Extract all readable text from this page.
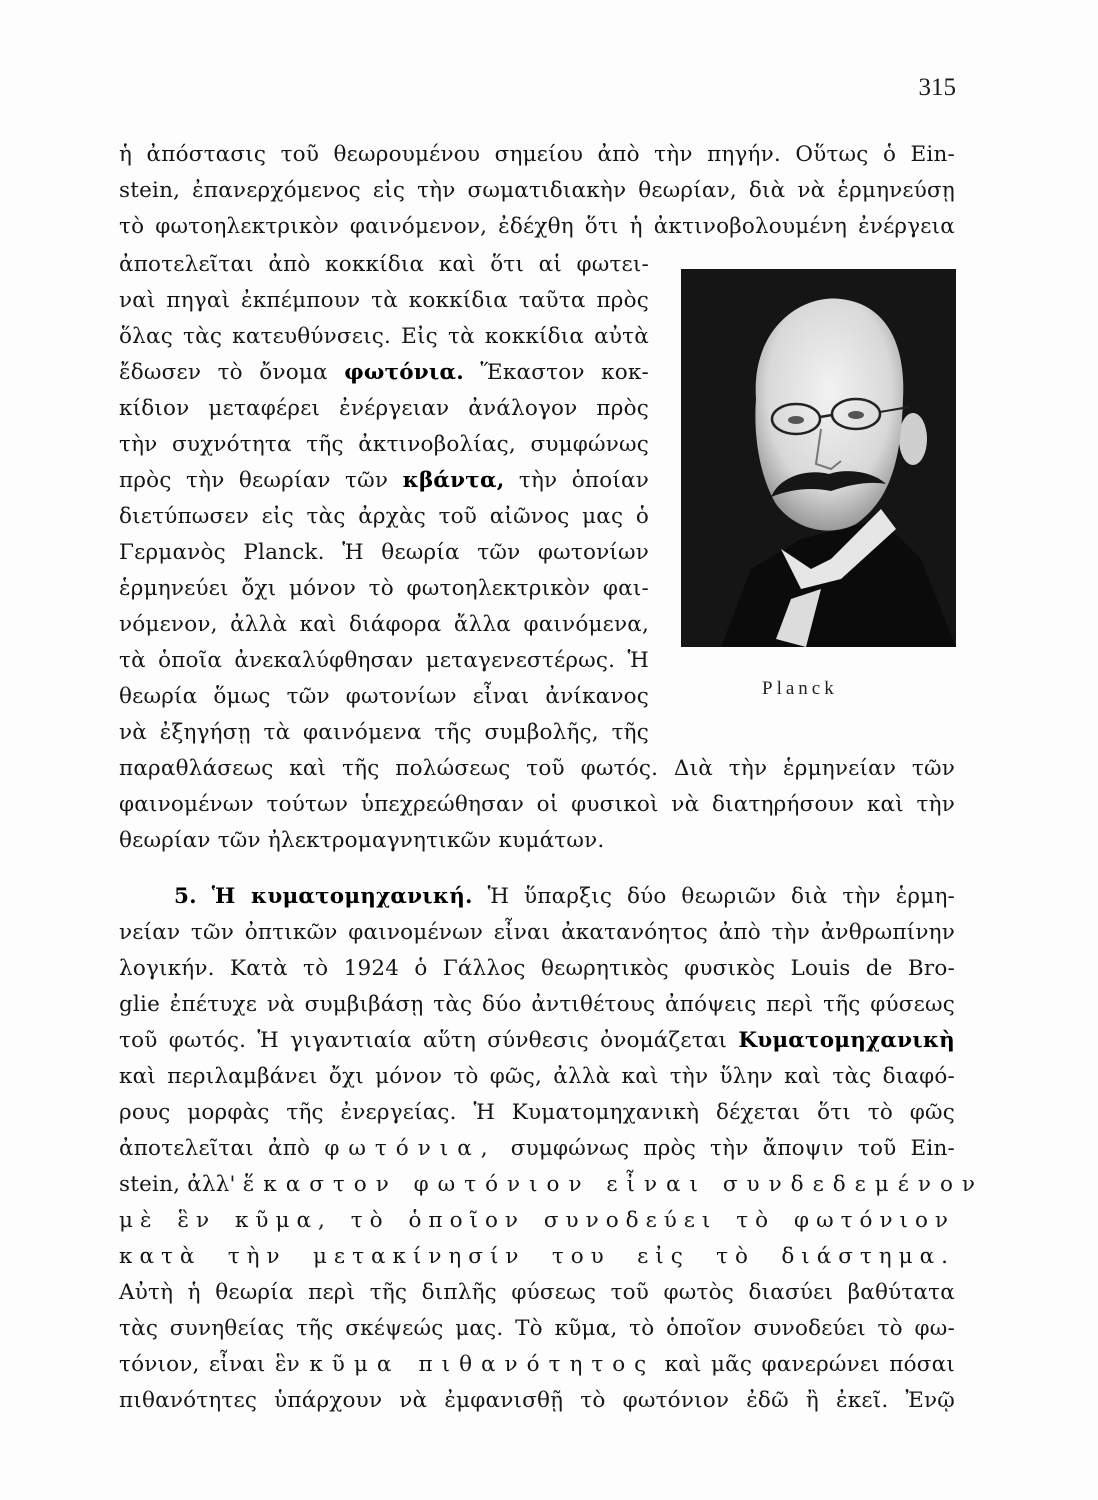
315
ἡ ἀπόστασις τοῦ θεωρουμένου σημείου ἀπὸ τὴν πηγήν. Οὕτως ὁ Ein-
stein, ἐπανερχόμενος εἰς τὴν σωματιδιακὴν θεωρίαν, διὰ νὰ ἑρμηνεύσῃ
τὸ φωτοηλεκτρικὸν φαινόμενον, ἐδέχθη ὅτι ἡ ἀκτινοβολουμένη ἐνέργεια
ἀποτελεῖται ἀπὸ κοκκίδια καὶ ὅτι αἱ φωτει-
ναὶ πηγαὶ ἐκπέμπουν τὰ κοκκίδια ταῦτα πρὸς
ὅλας τὰς κατευθύνσεις. Εἰς τὰ κοκκίδια αὐτὰ
ἔδωσεν τὸ ὄνομα φωτόνια. Ἕκαστον κοκ-
κίδιον μεταφέρει ἐνέργειαν ἀνάλογον πρὸς
τὴν συχνότητα τῆς ἀκτινοβολίας, συμφώνως
πρὸς τὴν θεωρίαν τῶν κβάντα, τὴν ὁποίαν
διετύπωσεν εἰς τὰς ἀρχὰς τοῦ αἰῶνος μας ὁ
Γερμανὸς Planck. Ἡ θεωρία τῶν φωτονίων
ἑρμηνεύει ὄχι μόνον τὸ φωτοηλεκτρικὸν φαι-
νόμενον, ἀλλὰ καὶ διάφορα ἄλλα φαινόμενα,
τὰ ὁποῖα ἀνεκαλύφθησαν μεταγενεστέρως. Ἡ
θεωρία ὅμως τῶν φωτονίων εἶναι ἀνίκανος
νὰ ἐξηγήσῃ τὰ φαινόμενα τῆς συμβολῆς, τῆς
παραθλάσεως καὶ τῆς πολώσεως τοῦ φωτός. Διὰ τὴν ἑρμηνείαν τῶν
φαινομένων τούτων ὑπεχρεώθησαν οἱ φυσικοὶ νὰ διατηρήσουν καὶ τὴν
θεωρίαν τῶν ἠλεκτρομαγνητικῶν κυμάτων.
Planck
5. Ἡ κυματομηχανική. Ἡ ὕπαρξις δύο θεωριῶν διὰ τὴν ἑρμη-
νείαν τῶν ὀπτικῶν φαινομένων εἶναι ἀκατανόητος ἀπὸ τὴν ἀνθρωπίνην
λογικήν. Κατὰ τὸ 1924 ὁ Γάλλος θεωρητικὸς φυσικὸς Louis de Bro-
glie ἐπέτυχε νὰ συμβιβάσῃ τὰς δύο ἀντιθέτους ἀπόψεις περὶ τῆς φύσεως
τοῦ φωτός. Ἡ γιγαντιαία αὕτη σύνθεσις ὀνομάζεται Κυματομηχανικὴ
καὶ περιλαμβάνει ὄχι μόνον τὸ φῶς, ἀλλὰ καὶ τὴν ὕλην καὶ τὰς διαφό-
ρους μορφὰς τῆς ἐνεργείας. Ἡ Κυματομηχανικὴ δέχεται ὅτι τὸ φῶς
ἀποτελεῖται ἀπὸ φωτόνια, συμφώνως πρὸς τὴν ἄποψιν τοῦ Ein-
stein, ἀλλ' ἕκαστον φωτόνιον εἶναι συνδεδεμένον
μὲ ἓν κῦμα, τὸ ὁποῖον συνοδεύει τὸ φωτόνιον
κατὰ τὴν μετακίνησίν του εἰς τὸ διάστημα.
Αὐτὴ ἡ θεωρία περὶ τῆς διπλῆς φύσεως τοῦ φωτὸς διασύει βαθύτατα
τὰς συνηθείας τῆς σκέψεώς μας. Τὸ κῦμα, τὸ ὁποῖον συνοδεύει τὸ φω-
τόνιον, εἶναι ἓν κῦμα πιθανότητος καὶ μᾶς φανερώνει πόσαι
πιθανότητες ὑπάρχουν νὰ ἐμφανισθῇ τὸ φωτόνιον ἐδῶ ἢ ἐκεῖ. Ἐνῷ
